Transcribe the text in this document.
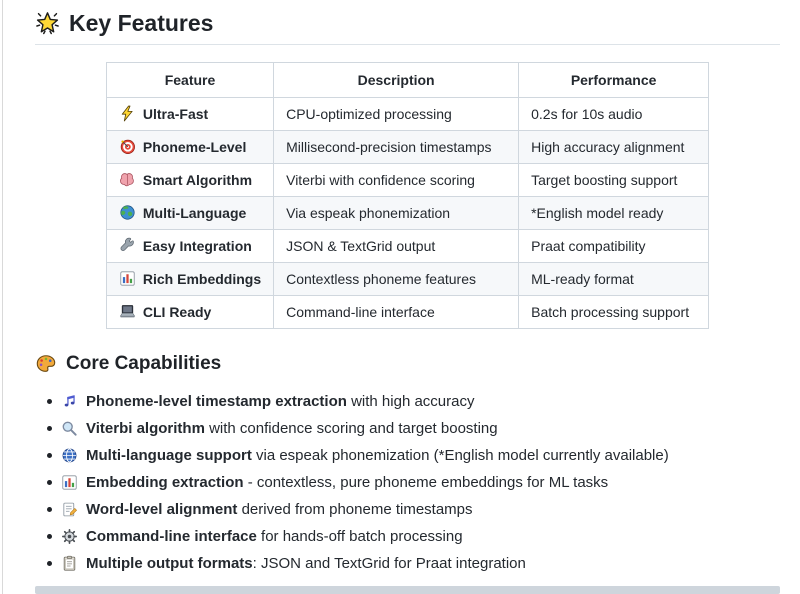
Key Features
Feature	Description	Performance

Ultra-Fast	CPU-optimized processing	0.2s for 10s audio

Phoneme-Level	Millisecond-precision timestamps	High accuracy alignment

Smart Algorithm	Viterbi with confidence scoring	Target boosting support

Multi-Language	Via espeak phonemization	*English model ready

Easy Integration	JSON & TextGrid output	Praat compatibility

Rich Embeddings	Contextless phoneme features	ML-ready format

CLI Ready	Command-line interface	Batch processing support
Core Capabilities
Phoneme-level timestamp extraction with high accuracy
Viterbi algorithm with confidence scoring and target boosting
Multi-language support via espeak phonemization (*English model currently available)
Embedding extraction - contextless, pure phoneme embeddings for ML tasks
Word-level alignment derived from phoneme timestamps
Command-line interface for hands-off batch processing
Multiple output formats: JSON and TextGrid for Praat integration
